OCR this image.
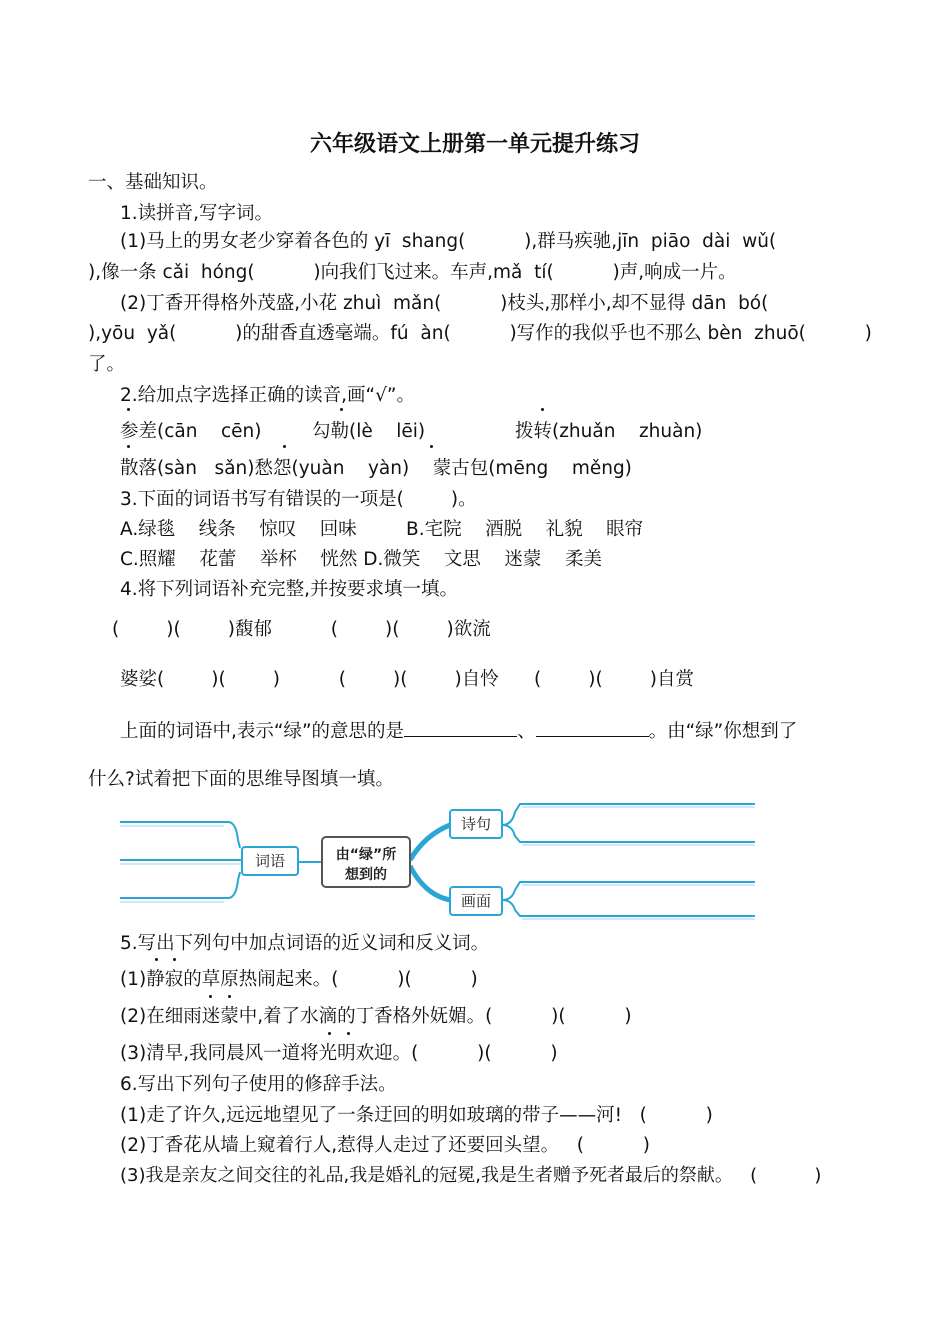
六年级语文上册第一单元提升练习
一、基础知识。
1.读拼音,写字词。
(1)马上的男女老少穿着各色的 yī  shang(          ),群马疾驰,jīn  piāo  dài  wǔ(
),像一条 cǎi  hóng(          )向我们飞过来。车声,mǎ  tí(          )声,响成一片。
(2)丁香开得格外茂盛,小花 zhuì  mǎn(          )枝头,那样小,却不显得 dān  bó(
),yōu  yǎ(          )的甜香直透毫端。fú  àn(          )写作的我似乎也不那么 bèn  zhuō(          )
了。
2.给加点字选择正确的读音,画“√”。
参差(cān    cēn)	勾勒(lè    lēi)	拨转(zhuǎn    zhuàn)
散落(sàn   sǎn)愁怨(yuàn    yàn)    蒙古包(mēng    měng)
3.下面的词语书写有错误的一项是(        )。
A.绿毯    线条    惊叹    回味	B.宅院    酒脱    礼貌    眼帘
C.照耀    花蕾    举杯    恍然 D.微笑    文思    迷蒙    柔美
4.将下列词语补充完整,并按要求填一填。
(        )(        )馥郁          (        )(        )欲流
婆娑(        )(        )          (        )(        )自怜      (        )(        )自赏
上面的词语中,表示“绿”的意思的是	、	。由“绿”你想到了
什么?试着把下面的思维导图填一填。
词语
诗句
画面
由“绿”所
想到的
5.写出下列句中加点词语的近义词和反义词。
(1)静寂的草原热闹起来。(          )(          )
(2)在细雨迷蒙中,着了水滴的丁香格外妩媚。(          )(          )
(3)清早,我同晨风一道将光明欢迎。(          )(          )
6.写出下列句子使用的修辞手法。
(1)走了许久,远远地望见了一条迂回的明如玻璃的带子——河!   (          )
(2)丁香花从墙上窥着行人,惹得人走过了还要回头望。   (          )
(3)我是亲友之间交往的礼品,我是婚礼的冠冕,我是生者赠予死者最后的祭献。   (          )
